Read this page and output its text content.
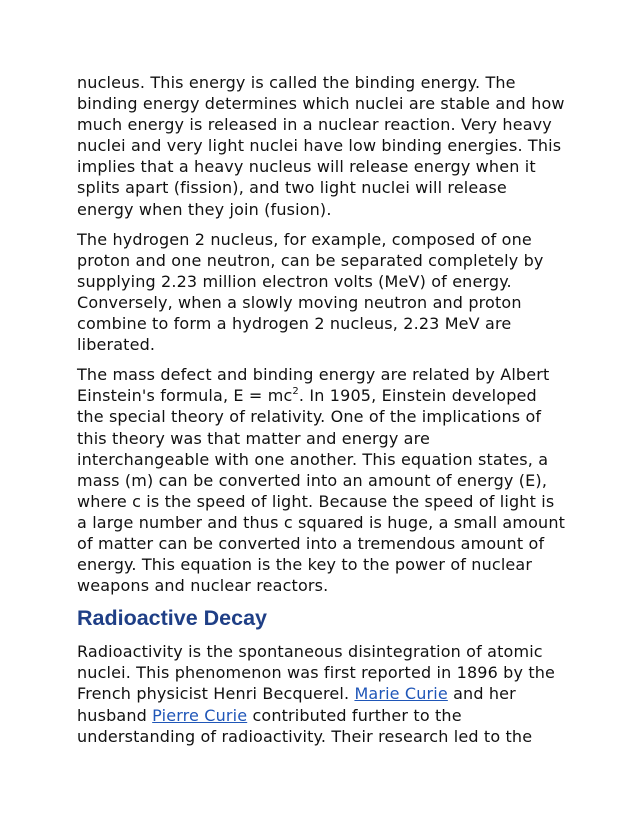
nucleus. This energy is called the binding energy. The binding energy determines which nuclei are stable and how much energy is released in a nuclear reaction. Very heavy nuclei and very light nuclei have low binding energies. This implies that a heavy nucleus will release energy when it splits apart (fission), and two light nuclei will release energy when they join (fusion).

The hydrogen 2 nucleus, for example, composed of one proton and one neutron, can be separated completely by supplying 2.23 million electron volts (MeV) of energy. Conversely, when a slowly moving neutron and proton combine to form a hydrogen 2 nucleus, 2.23 MeV are liberated.

The mass defect and binding energy are related by Albert Einstein's formula, $E = mc^2$. In 1905, Einstein developed the special theory of relativity. One of the implications of this theory was that matter and energy are interchangeable with one another. This equation states, a mass (m) can be converted into an amount of energy (E), where c is the speed of light. Because the speed of light is a large number and thus c squared is huge, a small amount of matter can be converted into a tremendous amount of energy. This equation is the key to the power of nuclear weapons and nuclear reactors.

Radioactive Decay

Radioactivity is the spontaneous disintegration of atomic nuclei. This phenomenon was first reported in 1896 by the French physicist Henri Becquerel. Marie Curie and her husband Pierre Curie contributed further to the understanding of radioactivity. Their research led to the
